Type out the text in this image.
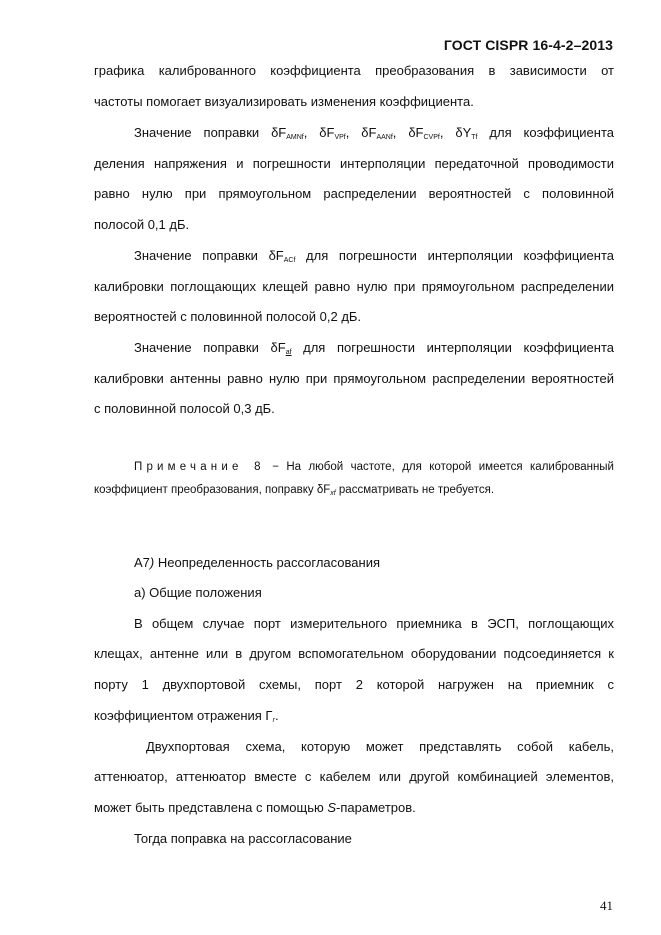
ГОСТ CISPR 16-4-2–2013
графика калиброванного коэффициента преобразования в зависимости от
частоты помогает визуализировать изменения коэффициента.
Значение поправки $\delta F_{AMNf}$, $\delta F_{VPf}$, $\delta F_{AANf}$, $\delta F_{CVPf}$, $\delta Y_{Tf}$ для коэффициента
деления напряжения и погрешности интерполяции передаточной проводимости
равно нулю при прямоугольном распределении вероятностей с половинной
полосой 0,1 дБ.
Значение поправки $\delta F_{ACf}$ для погрешности интерполяции коэффициента
калибровки поглощающих клещей равно нулю при прямоугольном распределении
вероятностей с половинной полосой 0,2 дБ.
Значение поправки $\delta F_{af}$ для погрешности интерполяции коэффициента
калибровки антенны равно нулю при прямоугольном распределении вероятностей
с половинной полосой 0,3 дБ.
Примечание 8 − На любой частоте, для которой имеется калиброванный
коэффициент преобразования, поправку $\delta F_{xf}$ рассматривать не требуется.
A7) Неопределенность рассогласования
а) Общие положения
В общем случае порт измерительного приемника в ЭСП, поглощающих
клещах, антенне или в другом вспомогательном оборудовании подсоединяется к
порту 1 двухпортовой схемы, порт 2 которой нагружен на приемник с
коэффициентом отражения $\Gamma_r$.
Двухпортовая схема, которую может представлять собой кабель,
аттенюатор, аттенюатор вместе с кабелем или другой комбинацией элементов,
может быть представлена с помощью S-параметров.
Тогда поправка на рассогласование
41
